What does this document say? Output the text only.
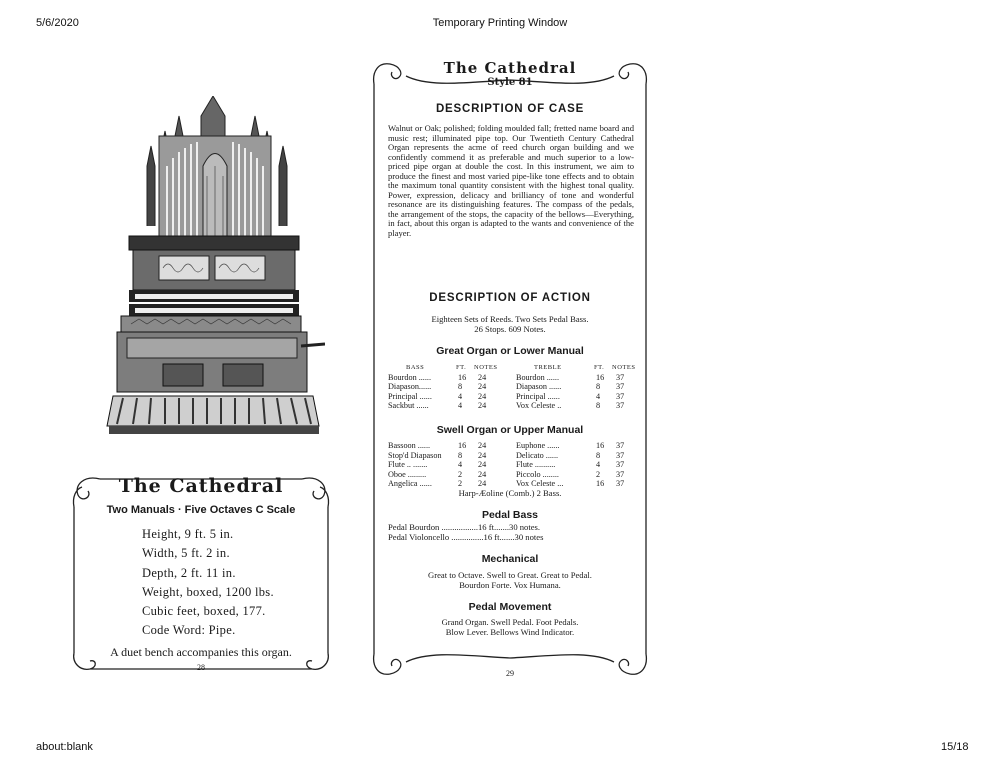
5/6/2020	Temporary Printing Window
about:blank	15/18
The Cathedral
Two Manuals · Five Octaves C Scale
Height, 9 ft. 5 in.
Width, 5 ft. 2 in.
Depth, 2 ft. 11 in.
Weight, boxed, 1200 lbs.
Cubic feet, boxed, 177.
Code Word: Pipe.
A duet bench accompanies this organ.
28
The Cathedral
Style 81
DESCRIPTION OF CASE
Walnut or Oak; polished; folding moulded fall; fretted name board and music rest; illuminated pipe top. Our Twentieth Century Cathedral Organ represents the acme of reed church organ building and we confidently commend it as preferable and much superior to a low-priced pipe organ at double the cost. In this instrument, we aim to produce the finest and most varied pipe-like tone effects and to obtain the maximum tonal quantity consistent with the highest tonal quality. Power, expression, delicacy and brilliancy of tone and wonderful resonance are its distinguishing features. The compass of the pedals, the arrangement of the stops, the capacity of the bellows—Everything, in fact, about this organ is adapted to the wants and convenience of the player.
DESCRIPTION OF ACTION
Eighteen Sets of Reeds. Two Sets Pedal Bass.
26 Stops. 609 Notes.
Great Organ or Lower Manual
BASS	FT. NOTES	TREBLE	FT. NOTES
Bourdon ......	16 24	Bourdon ......	16 37
Diapason......	8 24	Diapason ......	8 37
Principal ......	4 24	Principal ......	4 37
Sackbut ......	4 24	Vox Celeste ..	8 37
Swell Organ or Upper Manual
Bassoon ......	16 24	Euphone ......	16 37
Stop'd Diapason 8 24	Delicato ......	8 37
Flute .. .......	4 24	Flute ..........	4 37
Oboe .........	2 24	Piccolo ........	2 37
Angelica ......	2 24	Vox Celeste ...	16 37
Harp-Æoline (Comb.) 2 Bass.
Pedal Bass
Pedal Bourdon .................16 ft.......30 notes.
Pedal Violoncello ...............16 ft.......30 notes
Mechanical
Great to Octave. Swell to Great. Great to Pedal.
Bourdon Forte. Vox Humana.
Pedal Movement
Grand Organ. Swell Pedal. Foot Pedals.
Blow Lever. Bellows Wind Indicator.
29
